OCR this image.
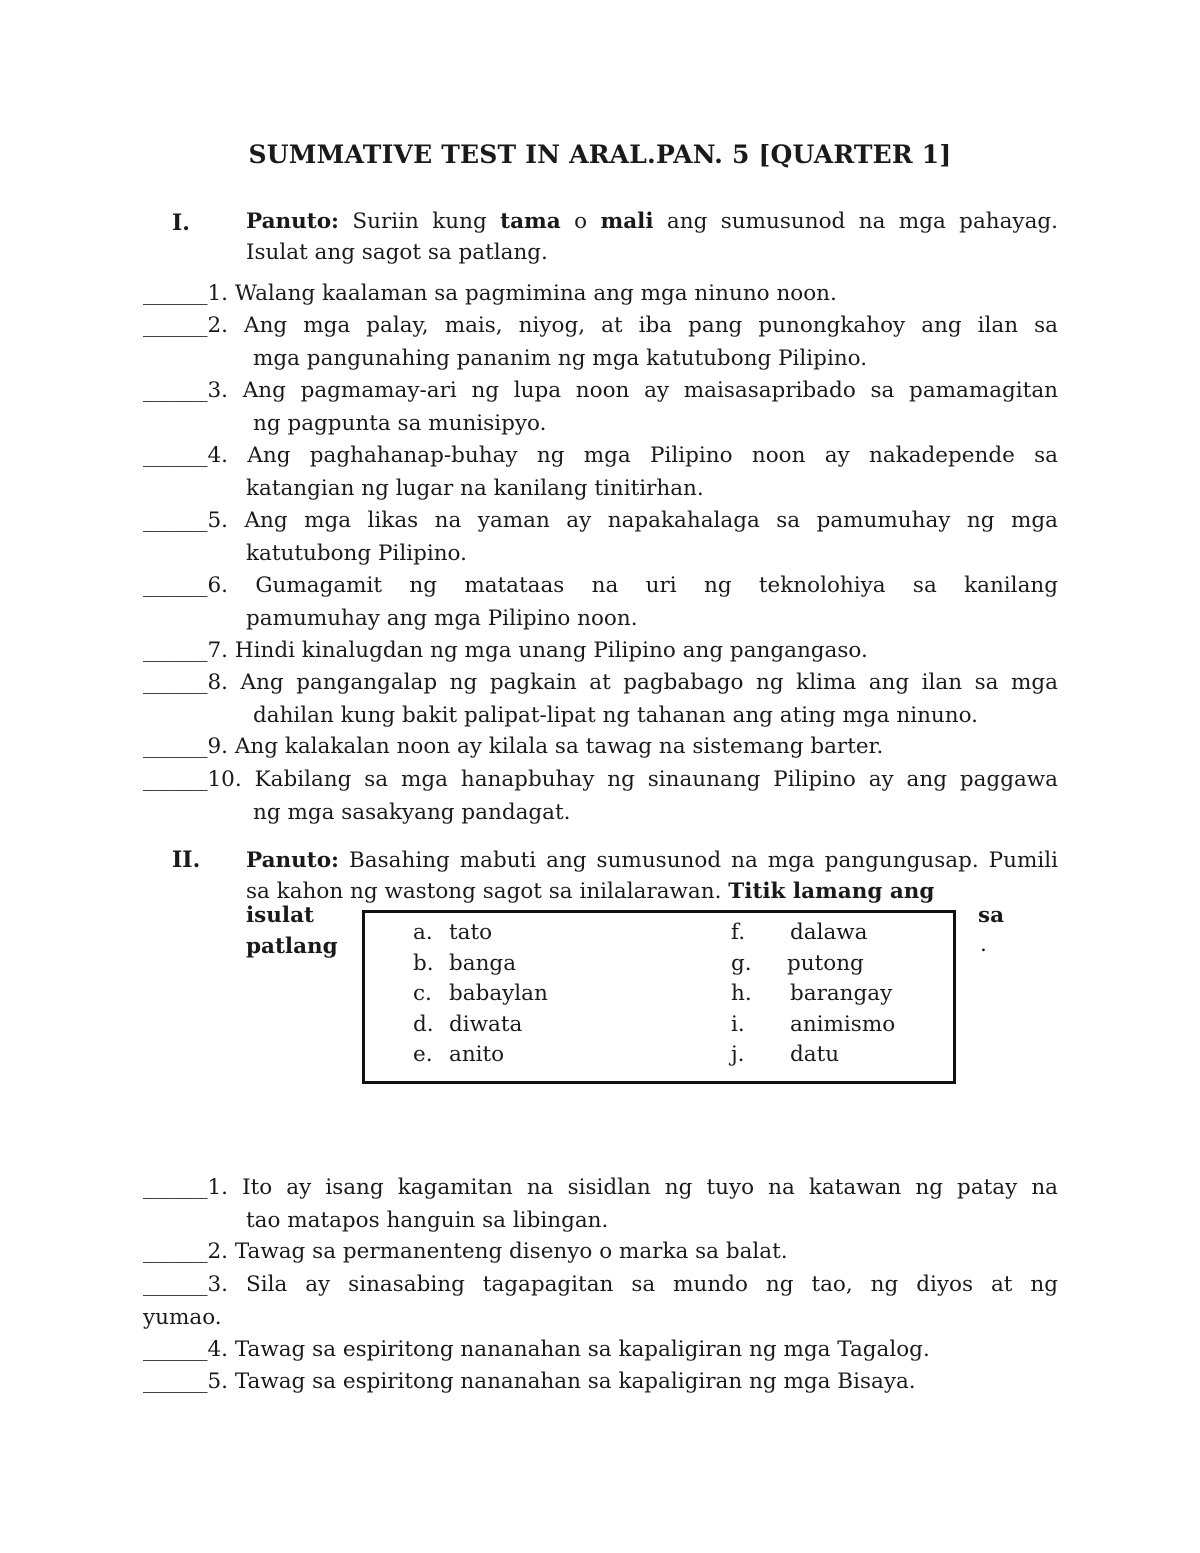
SUMMATIVE TEST IN ARAL.PAN. 5 [QUARTER 1]
I.	Panuto: Suriin kung tama o mali ang sumusunod na mga pahayag. Isulat ang sagot sa patlang.
______1. Walang kaalaman sa pagmimina ang mga ninuno noon.
______2. Ang mga palay, mais, niyog, at iba pang punongkahoy ang ilan sa
mga pangunahing pananim ng mga katutubong Pilipino.
______3. Ang pagmamay-ari ng lupa noon ay maisasapribado sa pamamagitan
ng pagpunta sa munisipyo.
______4. Ang paghahanap-buhay ng mga Pilipino noon ay nakadepende sa
katangian ng lugar na kanilang tinitirhan.
______5. Ang mga likas na yaman ay napakahalaga sa pamumuhay ng mga
katutubong Pilipino.
______6. Gumagamit ng matataas na uri ng teknolohiya sa kanilang
pamumuhay ang mga Pilipino noon.
______7. Hindi kinalugdan ng mga unang Pilipino ang pangangaso.
______8. Ang pangangalap ng pagkain at pagbabago ng klima ang ilan sa mga
dahilan kung bakit palipat-lipat ng tahanan ang ating mga ninuno.
______9. Ang kalakalan noon ay kilala sa tawag na sistemang barter.
______10. Kabilang sa mga hanapbuhay ng sinaunang Pilipino ay ang paggawa
ng mga sasakyang pandagat.
II. Panuto: Basahing mabuti ang sumusunod na mga pangungusap. Pumili sa kahon ng wastong sagot sa inilalarawan. Titik lamang ang
isulat
patlang
sa
.
a. tato
b. banga
c. babaylan
d. diwata
e. anito
f. dalawa
g. putong
h. barangay
i. animismo
j. datu
______1. Ito ay isang kagamitan na sisidlan ng tuyo na katawan ng patay na
tao matapos hanguin sa libingan.
______2. Tawag sa permanenteng disenyo o marka sa balat.
______3. Sila ay sinasabing tagapagitan sa mundo ng tao, ng diyos at ng
yumao.
______4. Tawag sa espiritong nananahan sa kapaligiran ng mga Tagalog.
______5. Tawag sa espiritong nananahan sa kapaligiran ng mga Bisaya.
